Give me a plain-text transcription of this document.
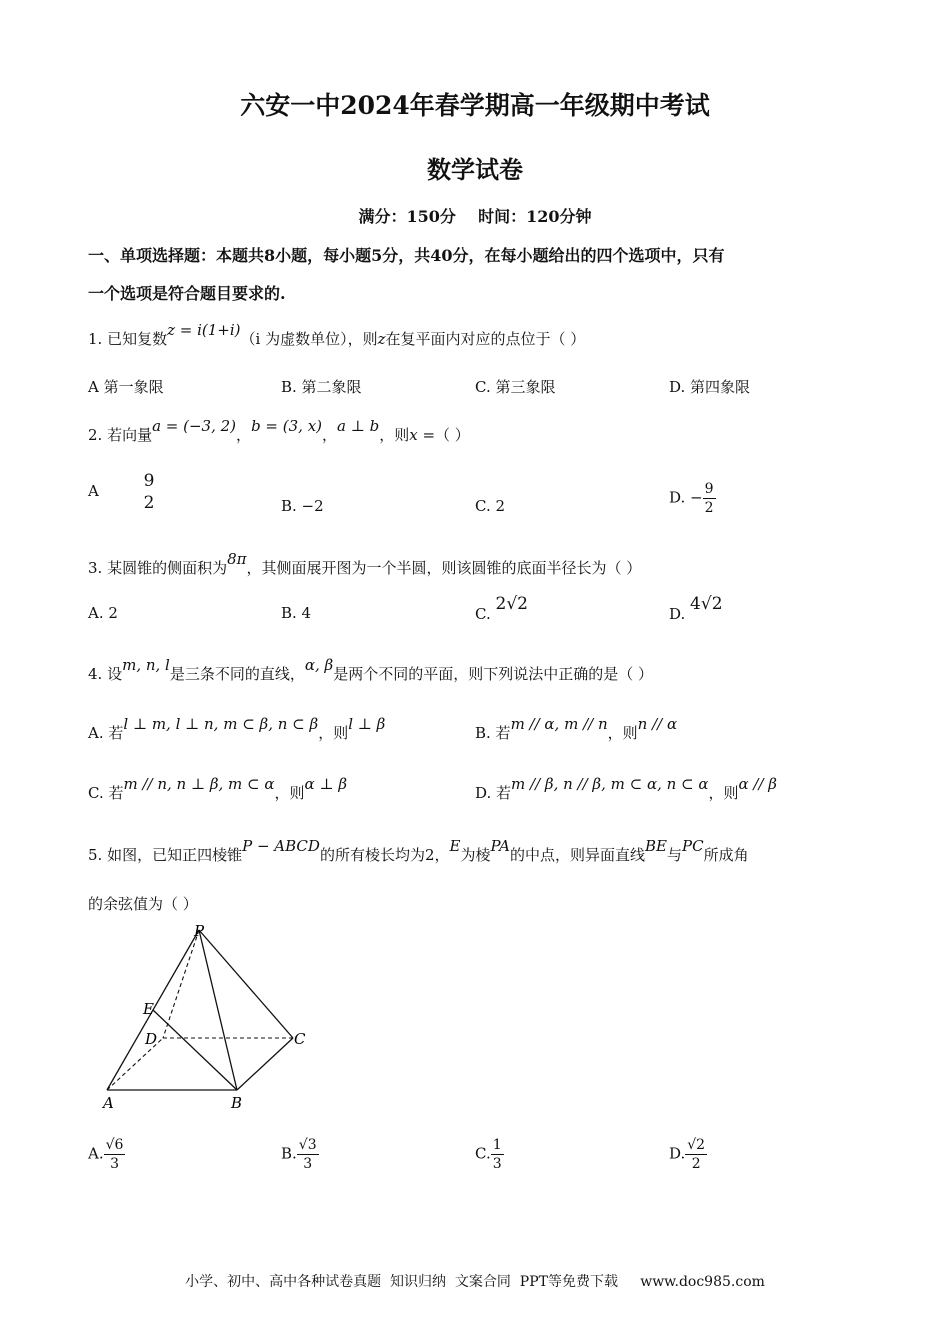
六安一中2024年春学期高一年级期中考试
数学试卷
满分：150分    时间：120分钟
一、单项选择题：本题共8小题，每小题5分，共40分，在每小题给出的四个选项中，只有
一个选项是符合题目要求的.
1. 已知复数z = i(1+i)（i 为虚数单位），则z在复平面内对应的点位于（ ）
A 第一象限	B. 第二象限	C. 第三象限	D. 第四象限
2. 若向量a = (−3, 2)，b = (3, x)，a ⊥ b，则x =（ ）
A	9
2	B. −2	C. 2	D. − $\frac{9}{2}$
3. 某圆锥的侧面积为8π，其侧面展开图为一个半圆，则该圆锥的底面半径长为（ ）
A. 2	B. 4	C. 2√2	D. 4√2
4. 设m, n, l是三条不同的直线，α, β是两个不同的平面，则下列说法中正确的是（ ）
A. 若l ⊥ m, l ⊥ n, m ⊂ β, n ⊂ β，则l ⊥ β	B. 若m // α, m // n，则n // α
C. 若m // n, n ⊥ β, m ⊂ α，则α ⊥ β	D. 若m // β, n // β, m ⊂ α, n ⊂ α，则α // β
5. 如图，已知正四棱锥P − ABCD的所有棱长均为2，E为棱PA的中点，则异面直线BE与PC所成角
的余弦值为（ ）
P
E
D	C
A	B
A. $\frac{√6}{3}$	B. $\frac{√3}{3}$	C. $\frac{1}{3}$	D. $\frac{√2}{2}$
小学、初中、高中各种试卷真题  知识归纳  文案合同  PPT等免费下载     www.doc985.com
